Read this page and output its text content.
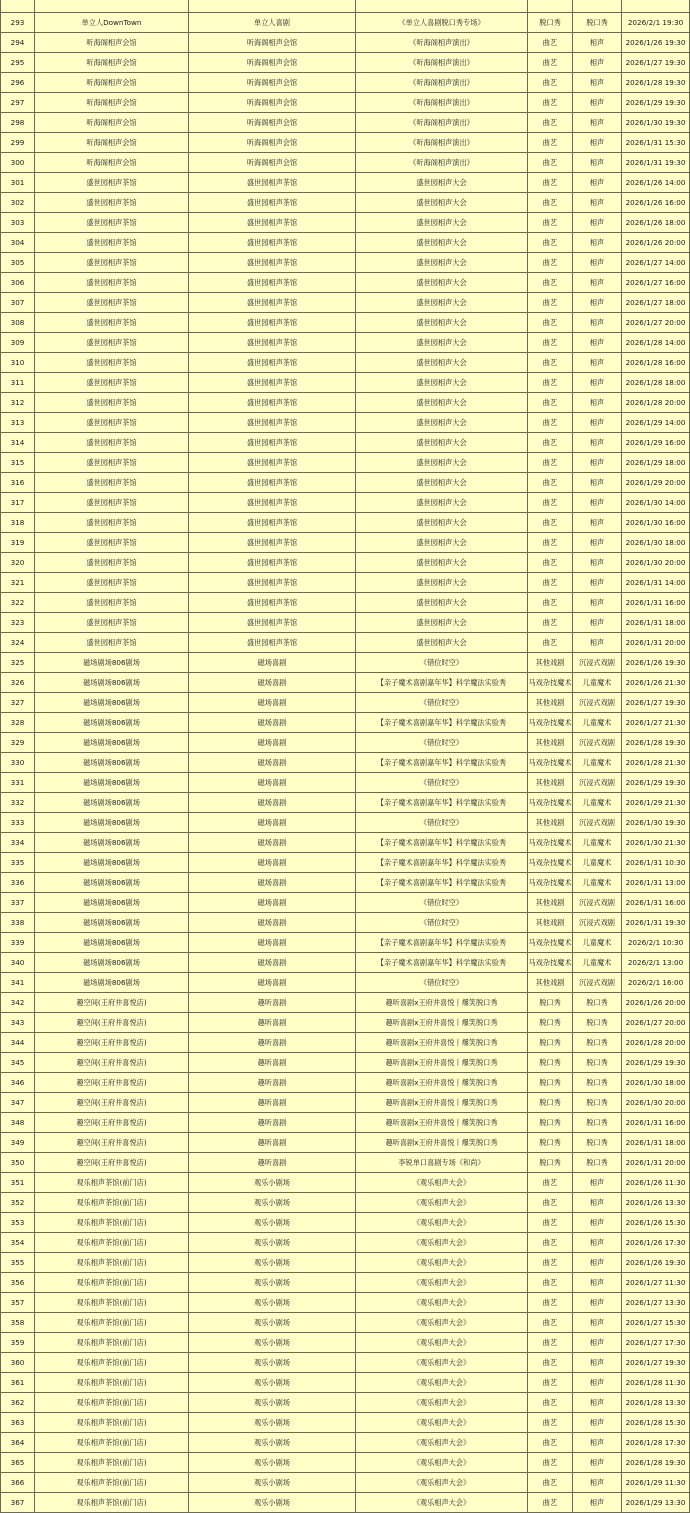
293	单立人DownTown	单立人喜剧	《单立人喜剧脱口秀专场》	脱口秀	脱口秀	2026/2/1 19:30
294	听海阁相声会馆	听海阁相声会馆	《听海阁相声演出》	曲艺	相声	2026/1/26 19:30
295	听海阁相声会馆	听海阁相声会馆	《听海阁相声演出》	曲艺	相声	2026/1/27 19:30
296	听海阁相声会馆	听海阁相声会馆	《听海阁相声演出》	曲艺	相声	2026/1/28 19:30
297	听海阁相声会馆	听海阁相声会馆	《听海阁相声演出》	曲艺	相声	2026/1/29 19:30
298	听海阁相声会馆	听海阁相声会馆	《听海阁相声演出》	曲艺	相声	2026/1/30 19:30
299	听海阁相声会馆	听海阁相声会馆	《听海阁相声演出》	曲艺	相声	2026/1/31 15:30
300	听海阁相声会馆	听海阁相声会馆	《听海阁相声演出》	曲艺	相声	2026/1/31 19:30
301	盛世园相声茶馆	盛世园相声茶馆	盛世园相声大会	曲艺	相声	2026/1/26 14:00
302	盛世园相声茶馆	盛世园相声茶馆	盛世园相声大会	曲艺	相声	2026/1/26 16:00
303	盛世园相声茶馆	盛世园相声茶馆	盛世园相声大会	曲艺	相声	2026/1/26 18:00
304	盛世园相声茶馆	盛世园相声茶馆	盛世园相声大会	曲艺	相声	2026/1/26 20:00
305	盛世园相声茶馆	盛世园相声茶馆	盛世园相声大会	曲艺	相声	2026/1/27 14:00
306	盛世园相声茶馆	盛世园相声茶馆	盛世园相声大会	曲艺	相声	2026/1/27 16:00
307	盛世园相声茶馆	盛世园相声茶馆	盛世园相声大会	曲艺	相声	2026/1/27 18:00
308	盛世园相声茶馆	盛世园相声茶馆	盛世园相声大会	曲艺	相声	2026/1/27 20:00
309	盛世园相声茶馆	盛世园相声茶馆	盛世园相声大会	曲艺	相声	2026/1/28 14:00
310	盛世园相声茶馆	盛世园相声茶馆	盛世园相声大会	曲艺	相声	2026/1/28 16:00
311	盛世园相声茶馆	盛世园相声茶馆	盛世园相声大会	曲艺	相声	2026/1/28 18:00
312	盛世园相声茶馆	盛世园相声茶馆	盛世园相声大会	曲艺	相声	2026/1/28 20:00
313	盛世园相声茶馆	盛世园相声茶馆	盛世园相声大会	曲艺	相声	2026/1/29 14:00
314	盛世园相声茶馆	盛世园相声茶馆	盛世园相声大会	曲艺	相声	2026/1/29 16:00
315	盛世园相声茶馆	盛世园相声茶馆	盛世园相声大会	曲艺	相声	2026/1/29 18:00
316	盛世园相声茶馆	盛世园相声茶馆	盛世园相声大会	曲艺	相声	2026/1/29 20:00
317	盛世园相声茶馆	盛世园相声茶馆	盛世园相声大会	曲艺	相声	2026/1/30 14:00
318	盛世园相声茶馆	盛世园相声茶馆	盛世园相声大会	曲艺	相声	2026/1/30 16:00
319	盛世园相声茶馆	盛世园相声茶馆	盛世园相声大会	曲艺	相声	2026/1/30 18:00
320	盛世园相声茶馆	盛世园相声茶馆	盛世园相声大会	曲艺	相声	2026/1/30 20:00
321	盛世园相声茶馆	盛世园相声茶馆	盛世园相声大会	曲艺	相声	2026/1/31 14:00
322	盛世园相声茶馆	盛世园相声茶馆	盛世园相声大会	曲艺	相声	2026/1/31 16:00
323	盛世园相声茶馆	盛世园相声茶馆	盛世园相声大会	曲艺	相声	2026/1/31 18:00
324	盛世园相声茶馆	盛世园相声茶馆	盛世园相声大会	曲艺	相声	2026/1/31 20:00
325	磁场剧场806剧场	磁场喜剧	《错位时空》	其他戏剧	沉浸式戏剧	2026/1/26 19:30
326	磁场剧场806剧场	磁场喜剧	【亲子魔术喜剧嘉年华】科学魔法实验秀	马戏杂技魔术	儿童魔术	2026/1/26 21:30
327	磁场剧场806剧场	磁场喜剧	《错位时空》	其他戏剧	沉浸式戏剧	2026/1/27 19:30
328	磁场剧场806剧场	磁场喜剧	【亲子魔术喜剧嘉年华】科学魔法实验秀	马戏杂技魔术	儿童魔术	2026/1/27 21:30
329	磁场剧场806剧场	磁场喜剧	《错位时空》	其他戏剧	沉浸式戏剧	2026/1/28 19:30
330	磁场剧场806剧场	磁场喜剧	【亲子魔术喜剧嘉年华】科学魔法实验秀	马戏杂技魔术	儿童魔术	2026/1/28 21:30
331	磁场剧场806剧场	磁场喜剧	《错位时空》	其他戏剧	沉浸式戏剧	2026/1/29 19:30
332	磁场剧场806剧场	磁场喜剧	【亲子魔术喜剧嘉年华】科学魔法实验秀	马戏杂技魔术	儿童魔术	2026/1/29 21:30
333	磁场剧场806剧场	磁场喜剧	《错位时空》	其他戏剧	沉浸式戏剧	2026/1/30 19:30
334	磁场剧场806剧场	磁场喜剧	【亲子魔术喜剧嘉年华】科学魔法实验秀	马戏杂技魔术	儿童魔术	2026/1/30 21:30
335	磁场剧场806剧场	磁场喜剧	【亲子魔术喜剧嘉年华】科学魔法实验秀	马戏杂技魔术	儿童魔术	2026/1/31 10:30
336	磁场剧场806剧场	磁场喜剧	【亲子魔术喜剧嘉年华】科学魔法实验秀	马戏杂技魔术	儿童魔术	2026/1/31 13:00
337	磁场剧场806剧场	磁场喜剧	《错位时空》	其他戏剧	沉浸式戏剧	2026/1/31 16:00
338	磁场剧场806剧场	磁场喜剧	《错位时空》	其他戏剧	沉浸式戏剧	2026/1/31 19:30
339	磁场剧场806剧场	磁场喜剧	【亲子魔术喜剧嘉年华】科学魔法实验秀	马戏杂技魔术	儿童魔术	2026/2/1 10:30
340	磁场剧场806剧场	磁场喜剧	【亲子魔术喜剧嘉年华】科学魔法实验秀	马戏杂技魔术	儿童魔术	2026/2/1 13:00
341	磁场剧场806剧场	磁场喜剧	《错位时空》	其他戏剧	沉浸式戏剧	2026/2/1 16:00
342	趣空间(王府井喜悦店)	趣听喜剧	趣听喜剧x王府井喜悦丨爆笑脱口秀	脱口秀	脱口秀	2026/1/26 20:00
343	趣空间(王府井喜悦店)	趣听喜剧	趣听喜剧x王府井喜悦丨爆笑脱口秀	脱口秀	脱口秀	2026/1/27 20:00
344	趣空间(王府井喜悦店)	趣听喜剧	趣听喜剧x王府井喜悦丨爆笑脱口秀	脱口秀	脱口秀	2026/1/28 20:00
345	趣空间(王府井喜悦店)	趣听喜剧	趣听喜剧x王府井喜悦丨爆笑脱口秀	脱口秀	脱口秀	2026/1/29 19:30
346	趣空间(王府井喜悦店)	趣听喜剧	趣听喜剧x王府井喜悦丨爆笑脱口秀	脱口秀	脱口秀	2026/1/30 18:00
347	趣空间(王府井喜悦店)	趣听喜剧	趣听喜剧x王府井喜悦丨爆笑脱口秀	脱口秀	脱口秀	2026/1/30 20:00
348	趣空间(王府井喜悦店)	趣听喜剧	趣听喜剧x王府井喜悦丨爆笑脱口秀	脱口秀	脱口秀	2026/1/31 16:00
349	趣空间(王府井喜悦店)	趣听喜剧	趣听喜剧x王府井喜悦丨爆笑脱口秀	脱口秀	脱口秀	2026/1/31 18:00
350	趣空间(王府井喜悦店)	趣听喜剧	李锐单口喜剧专场《和尚》	脱口秀	脱口秀	2026/1/31 20:00
351	观乐相声茶馆(前门店)	观乐小剧场	《观乐相声大会》	曲艺	相声	2026/1/26 11:30
352	观乐相声茶馆(前门店)	观乐小剧场	《观乐相声大会》	曲艺	相声	2026/1/26 13:30
353	观乐相声茶馆(前门店)	观乐小剧场	《观乐相声大会》	曲艺	相声	2026/1/26 15:30
354	观乐相声茶馆(前门店)	观乐小剧场	《观乐相声大会》	曲艺	相声	2026/1/26 17:30
355	观乐相声茶馆(前门店)	观乐小剧场	《观乐相声大会》	曲艺	相声	2026/1/26 19:30
356	观乐相声茶馆(前门店)	观乐小剧场	《观乐相声大会》	曲艺	相声	2026/1/27 11:30
357	观乐相声茶馆(前门店)	观乐小剧场	《观乐相声大会》	曲艺	相声	2026/1/27 13:30
358	观乐相声茶馆(前门店)	观乐小剧场	《观乐相声大会》	曲艺	相声	2026/1/27 15:30
359	观乐相声茶馆(前门店)	观乐小剧场	《观乐相声大会》	曲艺	相声	2026/1/27 17:30
360	观乐相声茶馆(前门店)	观乐小剧场	《观乐相声大会》	曲艺	相声	2026/1/27 19:30
361	观乐相声茶馆(前门店)	观乐小剧场	《观乐相声大会》	曲艺	相声	2026/1/28 11:30
362	观乐相声茶馆(前门店)	观乐小剧场	《观乐相声大会》	曲艺	相声	2026/1/28 13:30
363	观乐相声茶馆(前门店)	观乐小剧场	《观乐相声大会》	曲艺	相声	2026/1/28 15:30
364	观乐相声茶馆(前门店)	观乐小剧场	《观乐相声大会》	曲艺	相声	2026/1/28 17:30
365	观乐相声茶馆(前门店)	观乐小剧场	《观乐相声大会》	曲艺	相声	2026/1/28 19:30
366	观乐相声茶馆(前门店)	观乐小剧场	《观乐相声大会》	曲艺	相声	2026/1/29 11:30
367	观乐相声茶馆(前门店)	观乐小剧场	《观乐相声大会》	曲艺	相声	2026/1/29 13:30
